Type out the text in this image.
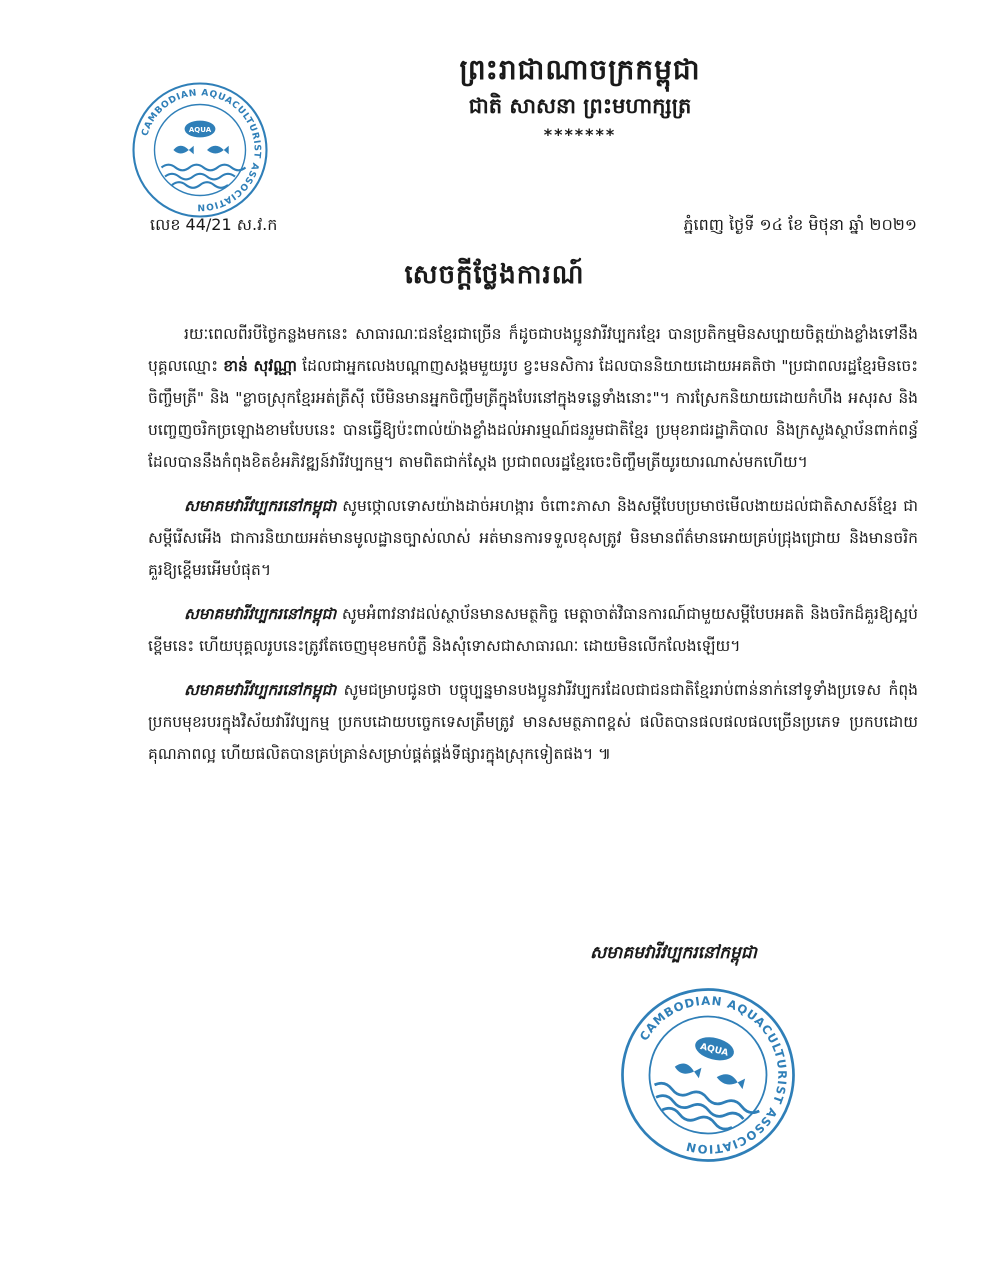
CAMBODIAN AQUACULTURIST ASSOCIATION
AQUA
ព្រះរាជាណាចក្រកម្ពុជា
ជាតិ សាសនា ព្រះមហាក្សត្រ
*******
លេខ 44/21 ស.វ.ក	ភ្នំពេញ ថ្ងៃទី ១៤ ខែ មិថុនា ឆ្នាំ ២០២១
សេចក្ដីថ្លែងការណ៍

រយៈពេលពីរបីថ្ងៃកន្លងមកនេះ សាធារណៈជនខ្មែរជាច្រើន ក៏ដូចជាបងប្អូនវារីវប្បករខ្មែរ បានប្រតិកម្មមិនសប្បាយចិត្តយ៉ាងខ្លាំងទៅនឹងបុគ្គលឈ្មោះ ខាន់ សុវណ្ណា ដែលជាអ្នកលេងបណ្ដាញសង្គមមួយរូប ខ្វះមនសិការ ដែលបាននិយាយដោយអគតិថា "ប្រជាពលរដ្ឋខ្មែរមិនចេះចិញ្ចឹមត្រី" និង "ខ្លាចស្រុកខ្មែរអត់ត្រីស៊ី បើមិនមានអ្នកចិញ្ចឹមត្រីក្នុងបែរនៅក្នុងទន្លេទាំងនោះ"។ ការស្រែកនិយាយដោយកំហឹង អសុរស និងបញ្ចេញចរិកច្រឡោងខាមបែបនេះ បានធ្វើឱ្យប៉ះពាល់យ៉ាងខ្លាំងដល់អារម្មណ៍ជនរួមជាតិខ្មែរ ប្រមុខរាជរដ្ឋាភិបាល និងក្រសួងស្ថាប័នពាក់ពន្ធ័ដែលបាននឹងកំពុងខិតខំអភិវឌ្ឍន៍វារីវប្បកម្ម។ តាមពិតជាក់ស្ដែង ប្រជាពលរដ្ឋខ្មែរចេះចិញ្ចឹមត្រីយូរយារណាស់មកហើយ។

សមាគមវារីវប្បករនៅកម្ពុជា សូមថ្កោលទោសយ៉ាងដាច់អហង្ការ ចំពោះភាសា និងសម្ដីបែបប្រមាថមើលងាយដល់ជាតិសាសន៍ខ្មែរ ជាសម្ដីរើសអើង ជាការនិយាយអត់មានមូលដ្ឋានច្បាស់លាស់ អត់មានការទទួលខុសត្រូវ មិនមានព័ត៌មានអោយគ្រប់ជ្រុងជ្រោយ និងមានចរិកគួរឱ្យខ្ពើមរអើមបំផុត។

សមាគមវារីវប្បករនៅកម្ពុជា សូមអំពាវនាវដល់ស្ថាប័នមានសមត្ថកិច្ច មេត្តាចាត់វិធានការណ៍ជាមួយសម្ដីបែបអគតិ និងចរិកដ៏គួរឱ្យស្អប់ខ្ពើមនេះ ហើយបុគ្គលរូបនេះត្រូវតែចេញមុខមកបំភ្លឺ និងសុំទោសជាសាធារណៈ ដោយមិនលើកលែងឡើយ។

សមាគមវារីវប្បករនៅកម្ពុជា សូមជម្រាបជូនថា បច្ចុប្បន្នមានបងប្អូនវារីវប្បករដែលជាជនជាតិខ្មែររាប់ពាន់នាក់នៅទូទាំងប្រទេស កំពុងប្រកបមុខរបរក្នុងវិស័យវារីវប្បកម្ម ប្រកបដោយបច្ចេកទេសត្រឹមត្រូវ មានសមត្ថភាពខ្ពស់ ផលិតបានផលផលផលច្រើនប្រភេទ ប្រកបដោយគុណភាពល្អ ហើយផលិតបានគ្រប់គ្រាន់សម្រាប់ផ្គត់ផ្គង់ទីផ្សារក្នុងស្រុកទៀតផង។ ៕

សមាគមវារីវប្បករនៅកម្ពុជា
CAMBODIAN AQUACULTURIST ASSOCIATION
AQUA
